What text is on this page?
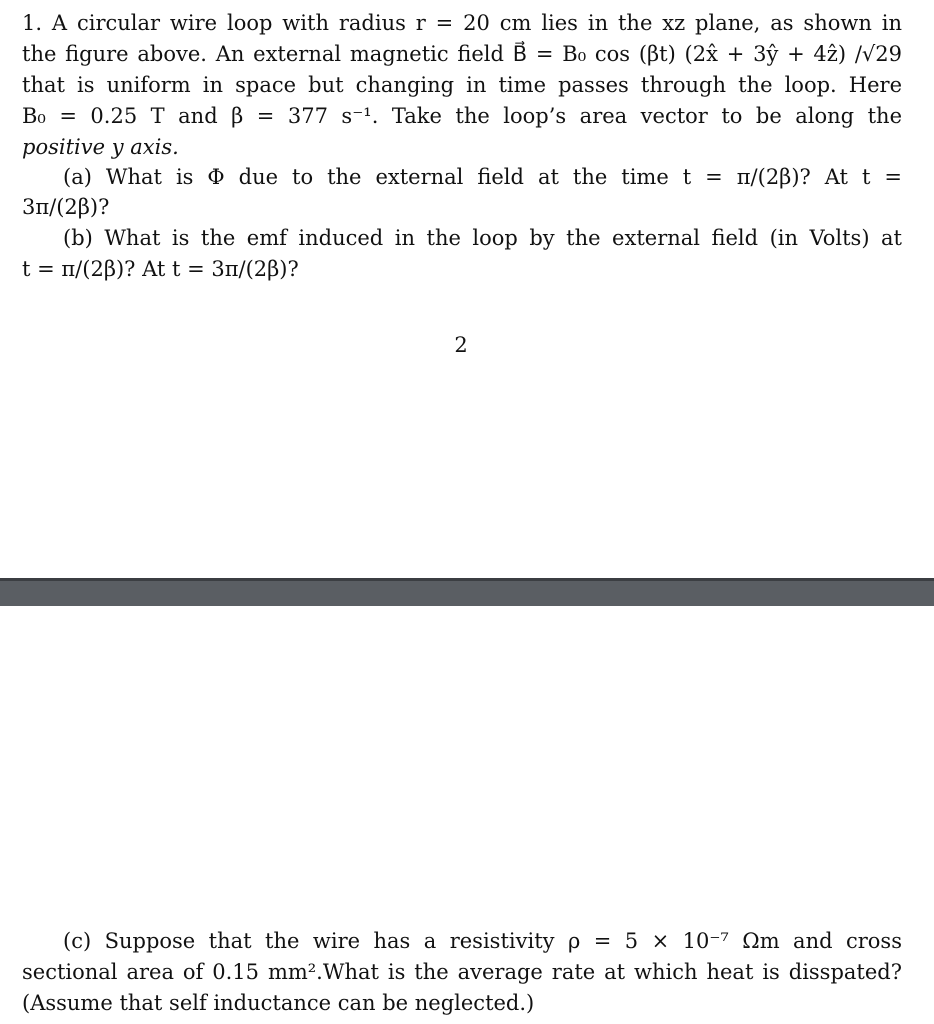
1. A circular wire loop with radius r = 20 cm lies in the xz plane, as shown in
the figure above. An external magnetic field B⃗ = B₀ cos (βt) (2x̂ + 3ŷ + 4ẑ) /√29
that is uniform in space but changing in time passes through the loop. Here
B₀ = 0.25 T and β = 377 s⁻¹. Take the loop’s area vector to be along the
positive y axis.
(a) What is Φ due to the external field at the time t = π/(2β)? At t =
3π/(2β)?
(b) What is the emf induced in the loop by the external field (in Volts) at
t = π/(2β)? At t = 3π/(2β)?
2
(c) Suppose that the wire has a resistivity ρ = 5 × 10⁻⁷ Ωm and cross
sectional area of 0.15 mm².What is the average rate at which heat is disspated?
(Assume that self inductance can be neglected.)
